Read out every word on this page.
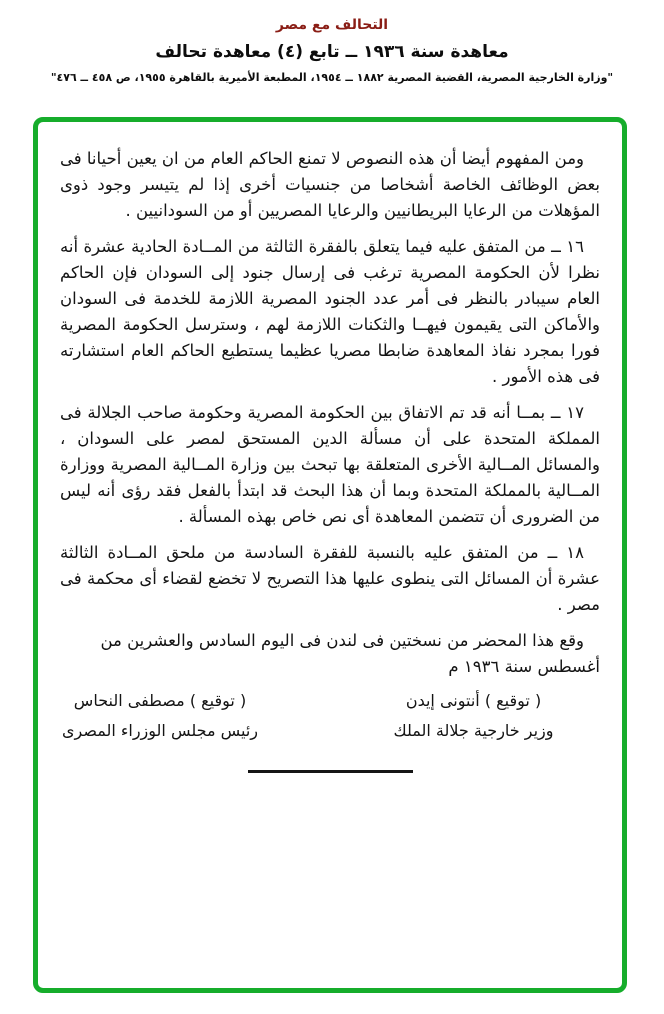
التحالف مع مصر
معاهدة سنة ١٩٣٦ ــ تابع (٤) معاهدة تحالف
"وزارة الخارجية المصرية، القضية المصرية ١٨٨٢ ــ ١٩٥٤، المطبعة الأميرية بالقاهرة ١٩٥٥، ص ٤٥٨ ــ ٤٧٦"

ومن المفهوم أيضا أن هذه النصوص لا تمنع الحاكم العام من ان يعين أحيانا فى بعض الوظائف الخاصة أشخاصا من جنسيات أخرى إذا لم يتيسر وجود ذوى المؤهلات من الرعايا البريطانيين والرعايا المصريين أو من السودانيين .

١٦ ــ من المتفق عليه فيما يتعلق بالفقرة الثالثة من المــادة الحادية عشرة أنه نظرا لأن الحكومة المصرية ترغب فى إرسال جنود إلى السودان فإن الحاكم العام سيبادر بالنظر فى أمر عدد الجنود المصرية اللازمة للخدمة فى السودان والأماكن التى يقيمون فيهــا والثكنات اللازمة لهم ، وسترسل الحكومة المصرية فورا بمجرد نفاذ المعاهدة ضابطا مصريا عظيما يستطيع الحاكم العام استشارته فى هذه الأمور .

١٧ ــ بمــا أنه قد تم الاتفاق بين الحكومة المصرية وحكومة صاحب الجلالة فى المملكة المتحدة على أن مسألة الدين المستحق لمصر على السودان ، والمسائل المــالية الأخرى المتعلقة بها تبحث بين وزارة المــالية المصرية ووزارة المــالية بالمملكة المتحدة وبما أن هذا البحث قد ابتدأ بالفعل فقد رؤى أنه ليس من الضرورى أن تتضمن المعاهدة أى نص خاص بهذه المسألة .

١٨ ــ من المتفق عليه بالنسبة للفقرة السادسة من ملحق المــادة الثالثة عشرة أن المسائل التى ينطوى عليها هذا التصريح لا تخضع لقضاء أى محكمة فى مصر .

وقع هذا المحضر من نسختين فى لندن فى اليوم السادس والعشرين من أغسطس سنة ١٩٣٦ م

( توقيع ) أنتونى إيدن
وزير خارجية جلالة الملك
( توقيع ) مصطفى النحاس
رئيس مجلس الوزراء المصرى
